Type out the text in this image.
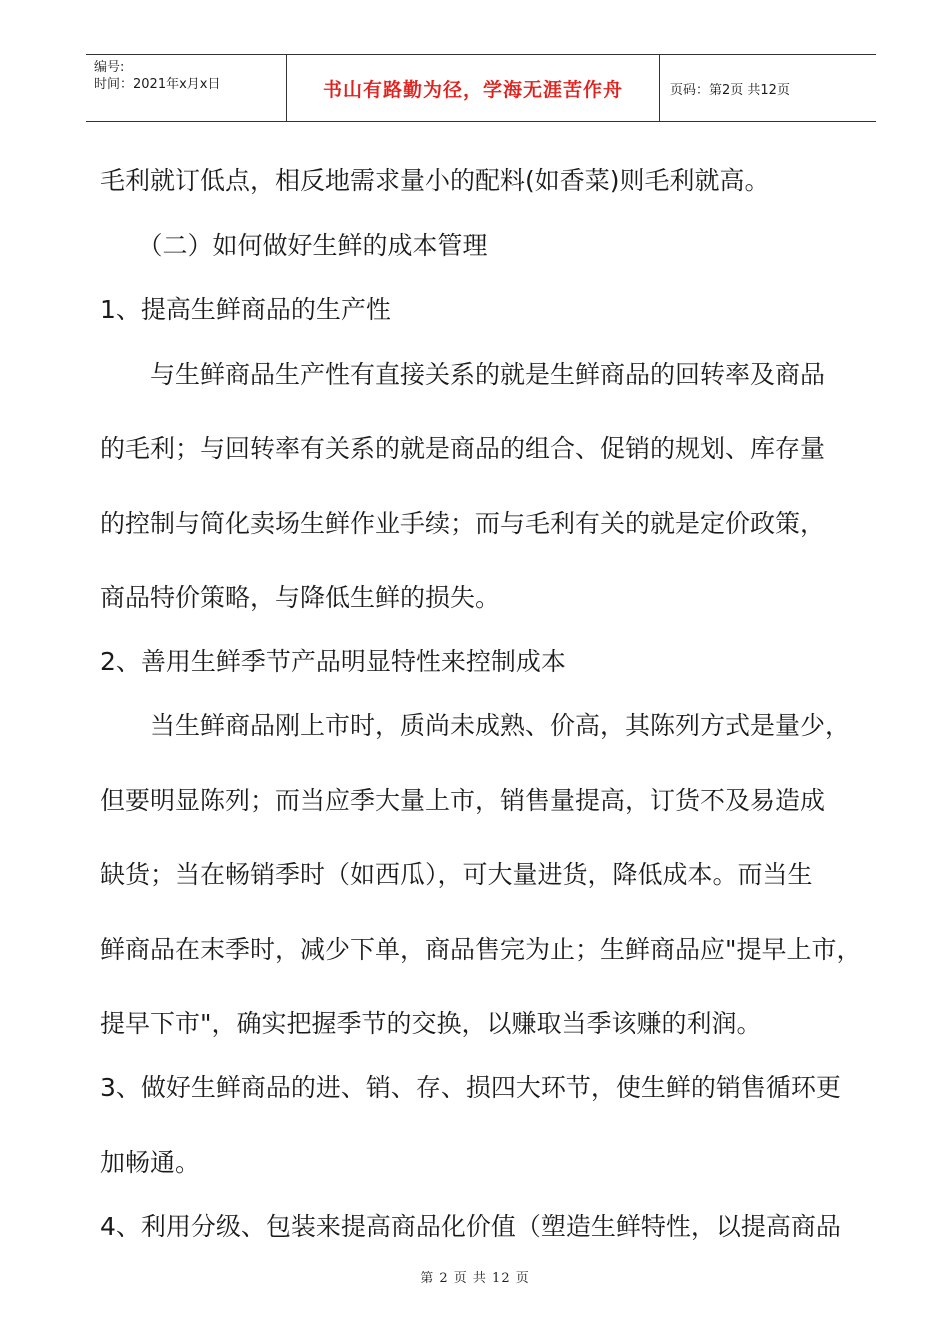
编号:
时间：2021年x月x日	书山有路勤为径，学海无涯苦作舟	页码：第2页 共12页
毛利就订低点，相反地需求量小的配料(如香菜)则毛利就高。
　　（二）如何做好生鲜的成本管理
1、提高生鲜商品的生产性
　　与生鲜商品生产性有直接关系的就是生鲜商品的回转率及商品
的毛利；与回转率有关系的就是商品的组合、促销的规划、库存量
的控制与简化卖场生鲜作业手续；而与毛利有关的就是定价政策，
商品特价策略，与降低生鲜的损失。
2、善用生鲜季节产品明显特性来控制成本
　　当生鲜商品刚上市时，质尚未成熟、价高，其陈列方式是量少，
但要明显陈列；而当应季大量上市，销售量提高，订货不及易造成
缺货；当在畅销季时（如西瓜），可大量进货，降低成本。而当生
鲜商品在末季时，减少下单，商品售完为止；生鲜商品应"提早上市，
提早下市"，确实把握季节的交换，以赚取当季该赚的利润。
3、做好生鲜商品的进、销、存、损四大环节，使生鲜的销售循环更
加畅通。
4、利用分级、包装来提高商品化价值（塑造生鲜特性，以提高商品
第 2 页 共 12 页
